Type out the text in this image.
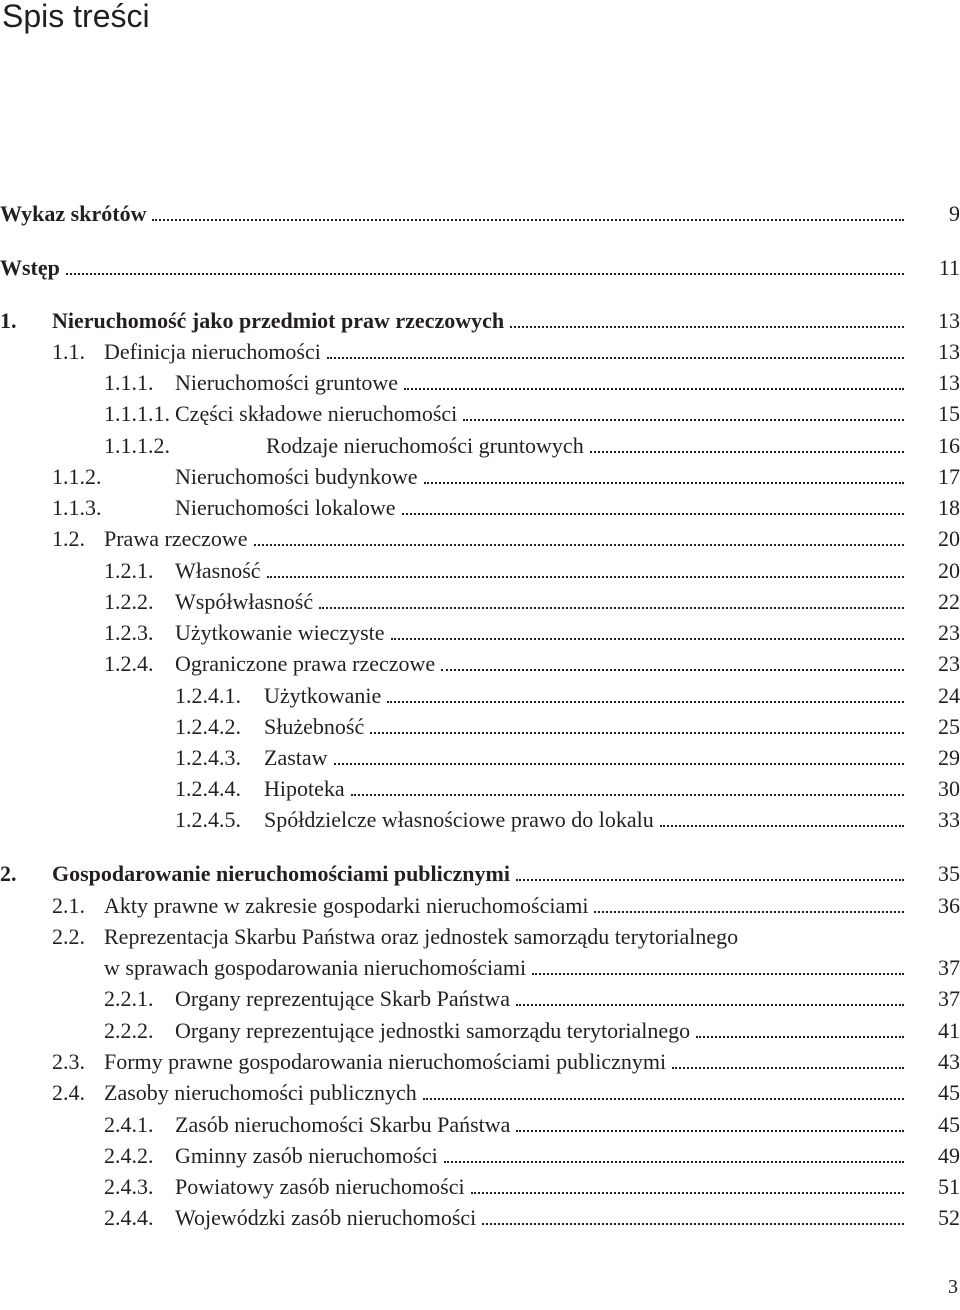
Spis treści
Wykaz skrótów	9
Wstęp	11
1. Nieruchomość jako przedmiot praw rzeczowych	13
1.1. Definicja nieruchomości	13
1.1.1. Nieruchomości gruntowe	13
1.1.1.1. Części składowe nieruchomości	15
1.1.1.2.	Rodzaje nieruchomości gruntowych	16
1.1.2.	Nieruchomości budynkowe	17
1.1.3.	Nieruchomości lokalowe	18
1.2. Prawa rzeczowe	20
1.2.1. Własność	20
1.2.2. Współwłasność	22
1.2.3. Użytkowanie wieczyste	23
1.2.4. Ograniczone prawa rzeczowe	23
1.2.4.1. Użytkowanie	24
1.2.4.2. Służebność	25
1.2.4.3. Zastaw	29
1.2.4.4. Hipoteka	30
1.2.4.5. Spółdzielcze własnościowe prawo do lokalu	33
2. Gospodarowanie nieruchomościami publicznymi	35
2.1. Akty prawne w zakresie gospodarki nieruchomościami	36
2.2. Reprezentacja Skarbu Państwa oraz jednostek samorządu terytorialnego
w sprawach gospodarowania nieruchomościami	37
2.2.1. Organy reprezentujące Skarb Państwa	37
2.2.2. Organy reprezentujące jednostki samorządu terytorialnego	41
2.3. Formy prawne gospodarowania nieruchomościami publicznymi	43
2.4. Zasoby nieruchomości publicznych	45
2.4.1. Zasób nieruchomości Skarbu Państwa	45
2.4.2. Gminny zasób nieruchomości	49
2.4.3. Powiatowy zasób nieruchomości	51
2.4.4. Wojewódzki zasób nieruchomości	52
3
